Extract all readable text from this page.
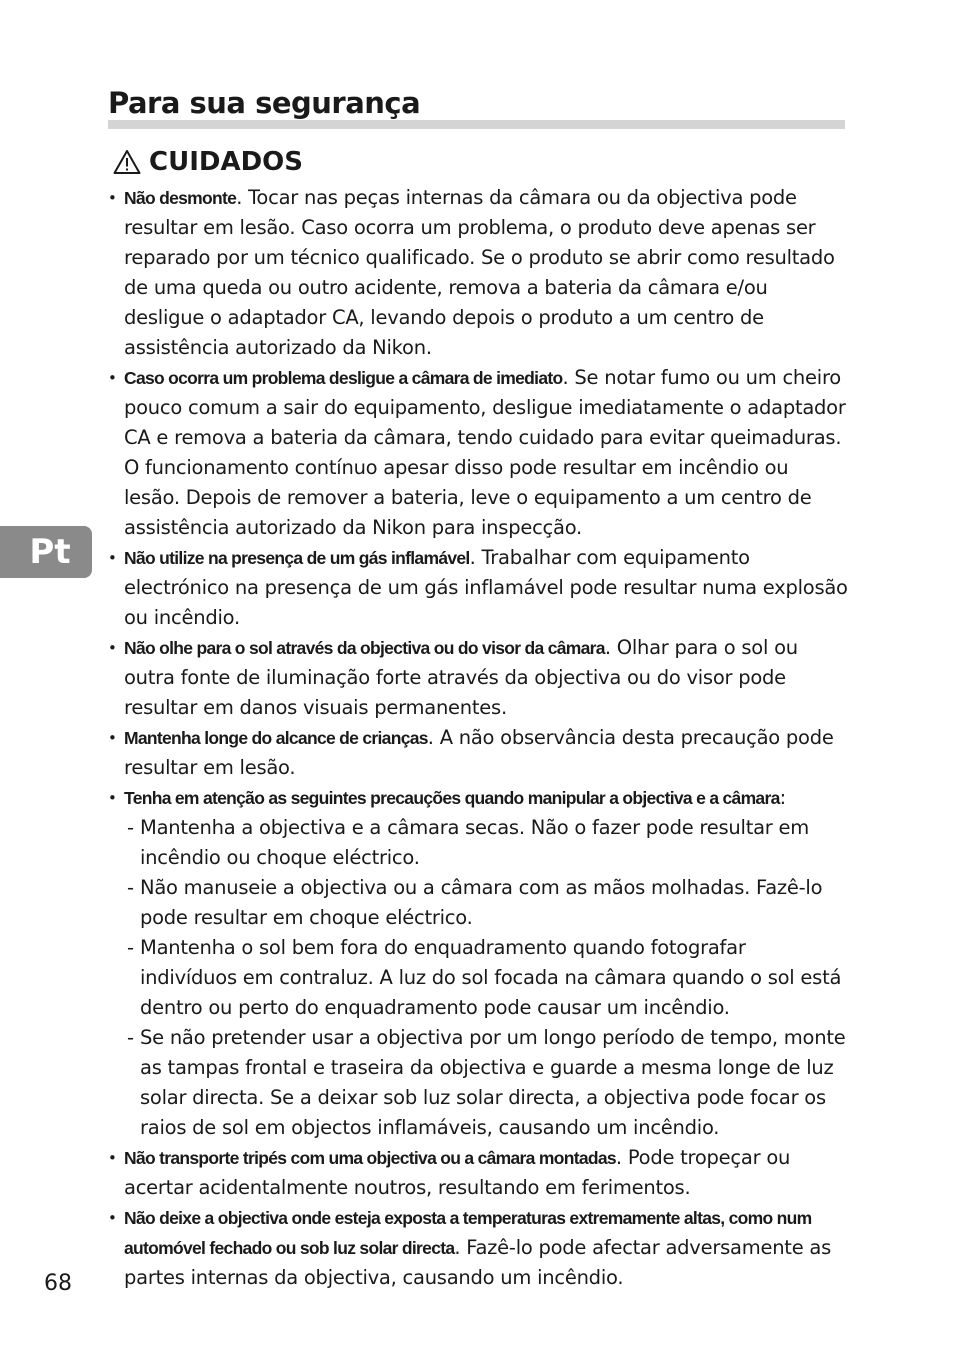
Para sua segurança
CUIDADOS
Pt
• Não desmonte. Tocar nas peças internas da câmara ou da objectiva pode resultar em lesão. Caso ocorra um problema, o produto deve apenas ser reparado por um técnico qualificado. Se o produto se abrir como resultado de uma queda ou outro acidente, remova a bateria da câmara e/ou desligue o adaptador CA, levando depois o produto a um centro de assistência autorizado da Nikon.
• Caso ocorra um problema desligue a câmara de imediato. Se notar fumo ou um cheiro pouco comum a sair do equipamento, desligue imediatamente o adaptador CA e remova a bateria da câmara, tendo cuidado para evitar queimaduras. O funcionamento contínuo apesar disso pode resultar em incêndio ou lesão. Depois de remover a bateria, leve o equipamento a um centro de assistência autorizado da Nikon para inspecção.
• Não utilize na presença de um gás inflamável. Trabalhar com equipamento electrónico na presença de um gás inflamável pode resultar numa explosão ou incêndio.
• Não olhe para o sol através da objectiva ou do visor da câmara. Olhar para o sol ou outra fonte de iluminação forte através da objectiva ou do visor pode resultar em danos visuais permanentes.
• Mantenha longe do alcance de crianças. A não observância desta precaução pode resultar em lesão.
• Tenha em atenção as seguintes precauções quando manipular a objectiva e a câmara:
- Mantenha a objectiva e a câmara secas. Não o fazer pode resultar em incêndio ou choque eléctrico.
- Não manuseie a objectiva ou a câmara com as mãos molhadas. Fazê-lo pode resultar em choque eléctrico.
- Mantenha o sol bem fora do enquadramento quando fotografar indivíduos em contraluz. A luz do sol focada na câmara quando o sol está dentro ou perto do enquadramento pode causar um incêndio.
- Se não pretender usar a objectiva por um longo período de tempo, monte as tampas frontal e traseira da objectiva e guarde a mesma longe de luz solar directa. Se a deixar sob luz solar directa, a objectiva pode focar os raios de sol em objectos inflamáveis, causando um incêndio.
• Não transporte tripés com uma objectiva ou a câmara montadas. Pode tropeçar ou acertar acidentalmente noutros, resultando em ferimentos.
• Não deixe a objectiva onde esteja exposta a temperaturas extremamente altas, como num automóvel fechado ou sob luz solar directa. Fazê-lo pode afectar adversamente as partes internas da objectiva, causando um incêndio.
68
